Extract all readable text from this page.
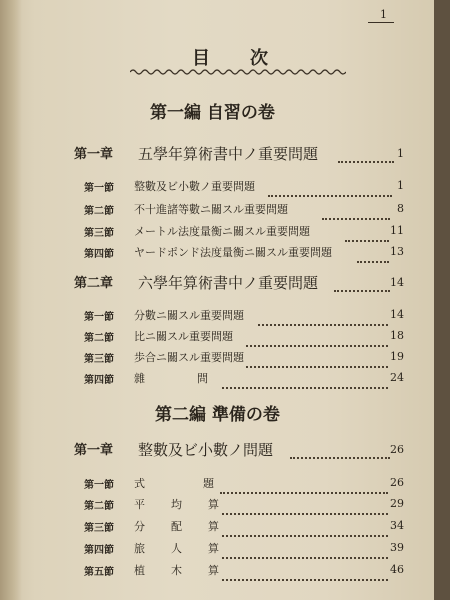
1
目次
第一編 自習の卷
第一章 五學年算術書中ノ重要問題	1
第一節 整數及ビ小數ノ重要問題	1
第二節 不十進諸等數ニ關スル重要問題	8
第三節 メートル法度量衡ニ關スル重要問題	11
第四節 ヤードポンド法度量衡ニ關スル重要問題	13
第二章 六學年算術書中ノ重要問題	14
第一節 分數ニ關スル重要問題	14
第二節 比ニ關スル重要問題	18
第三節 歩合ニ關スル重要問題	19
第四節 雜問	24
第二編 準備の卷
第一章 整數及ビ小數ノ問題	26
第一節 式題	26
第二節 平均算	29
第三節 分配算	34
第四節 旅人算	39
第五節 植木算	46
